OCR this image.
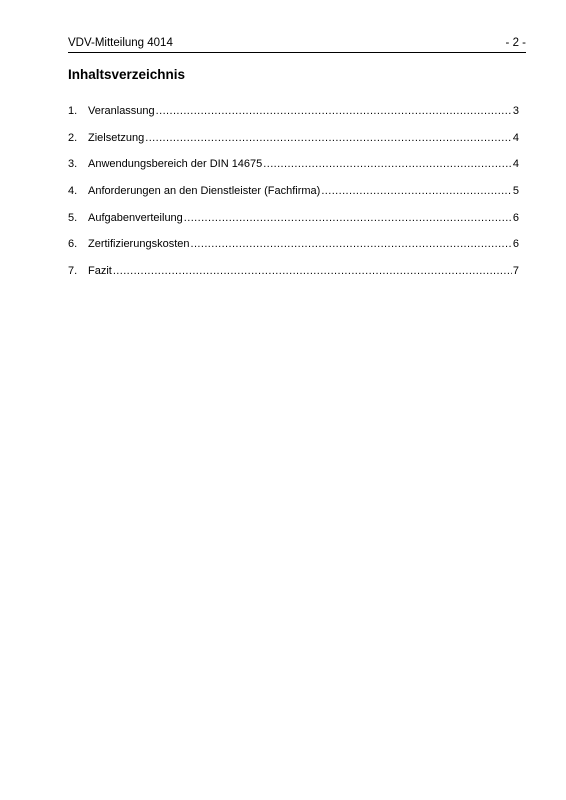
VDV-Mitteilung 4014	- 2 -
Inhaltsverzeichnis
1. Veranlassung .....	3
2. Zielsetzung .....	4
3. Anwendungsbereich der DIN 14675 .....	4
4. Anforderungen an den Dienstleister (Fachfirma) .....	5
5. Aufgabenverteilung .....	6
6. Zertifizierungskosten .....	6
7. Fazit .....	7
